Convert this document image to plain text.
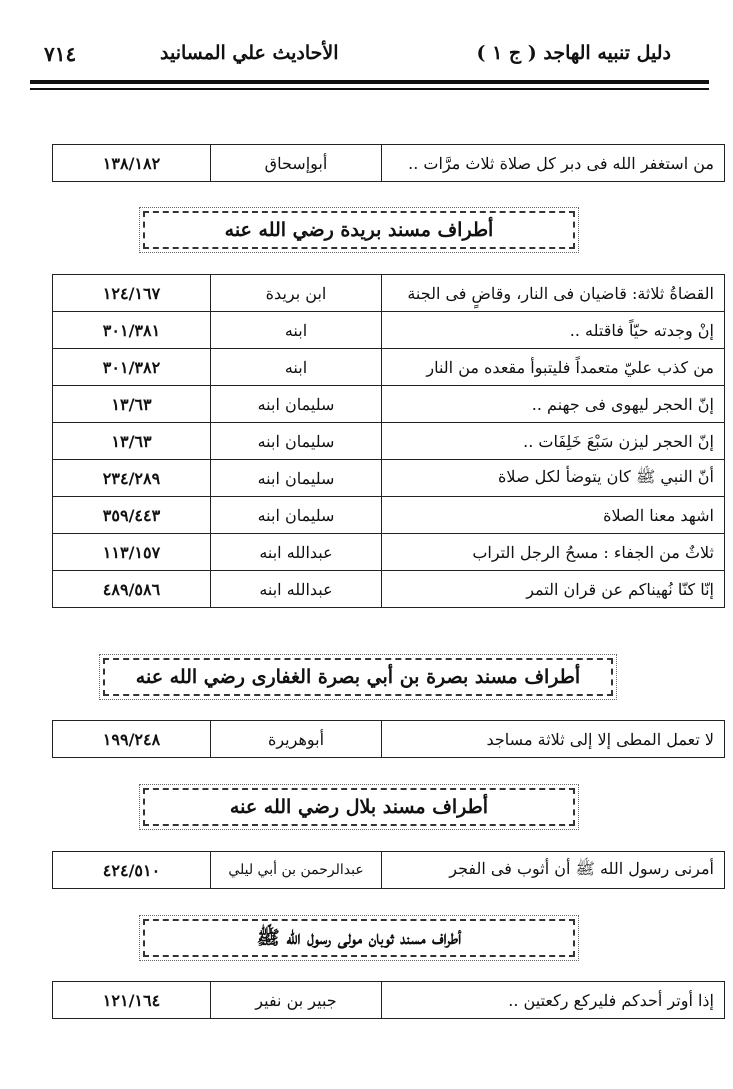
دليل تنبيه الهاجد ( ج ١ )
الأحاديث علي المسانيد
٧١٤
من استغفر الله فى دبر كل صلاة ثلاث مرَّات ..	أبوإسحاق	١٣٨/١٨٢
أطراف مسند بريدة رضي الله عنه
القضاةُ ثلاثة: قاضيان فى النار، وقاضٍ فى الجنة	ابن بريدة	١٢٤/١٦٧
إنْ وجدته حيّاً فاقتله ..	ابنه	٣٠١/٣٨١
من كذب عليّ متعمداً فليتبوأ مقعده من النار	ابنه	٣٠١/٣٨٢
إنّ الحجر ليهوى فى جهنم ..	سليمان ابنه	١٣/٦٣
إنّ الحجر ليزن سَبْعَ خَلِفَات ..	سليمان ابنه	١٣/٦٣
أنّ النبي ﷺ كان يتوضأ لكل صلاة	سليمان ابنه	٢٣٤/٢٨٩
اشهد معنا الصلاة	سليمان ابنه	٣٥٩/٤٤٣
ثلاثٌ من الجفاء : مسحُ الرجل التراب	عبدالله ابنه	١١٣/١٥٧
إنّا كنّا نُهيناكم عن قران التمر	عبدالله ابنه	٤٨٩/٥٨٦
أطراف مسند بصرة بن أبي بصرة الغفارى رضي الله عنه
لا تعمل المطى إلا إلى ثلاثة مساجد	أبوهريرة	١٩٩/٢٤٨
أطراف مسند بلال رضي الله عنه
أمرنى رسول الله ﷺ أن أثوب فى الفجر	عبدالرحمن بن أبي ليلي	٤٢٤/٥١٠
أطراف مسند ثوبان مولى رسول الله ﷺ
إذا أوتر أحدكم فليركع ركعتين ..	جبير بن نفير	١٢١/١٦٤
